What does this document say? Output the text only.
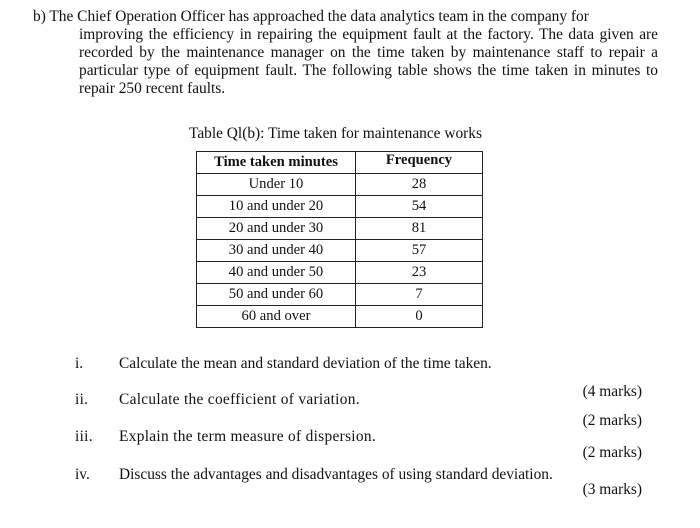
b) The Chief Operation Officer has approached the data analytics team in the company for
improving the efficiency in repairing the equipment fault at the factory. The data given are recorded by the maintenance manager on the time taken by maintenance staff to repair a particular type of equipment fault. The following table shows the time taken in minutes to repair 250 recent faults.
Table Ql(b): Time taken for maintenance works
Time taken minutes	Frequency
Under 10	28
10 and under 20	54
20 and under 30	81
30 and under 40	57
40 and under 50	23
50 and under 60	7
60 and over	0
i. Calculate the mean and standard deviation of the time taken.
ii. Calculate the coefficient of variation.
iii. Explain the term measure of dispersion.
iv. Discuss the advantages and disadvantages of using standard deviation.
(4 marks)
(2 marks)
(2 marks)
(3 marks)
